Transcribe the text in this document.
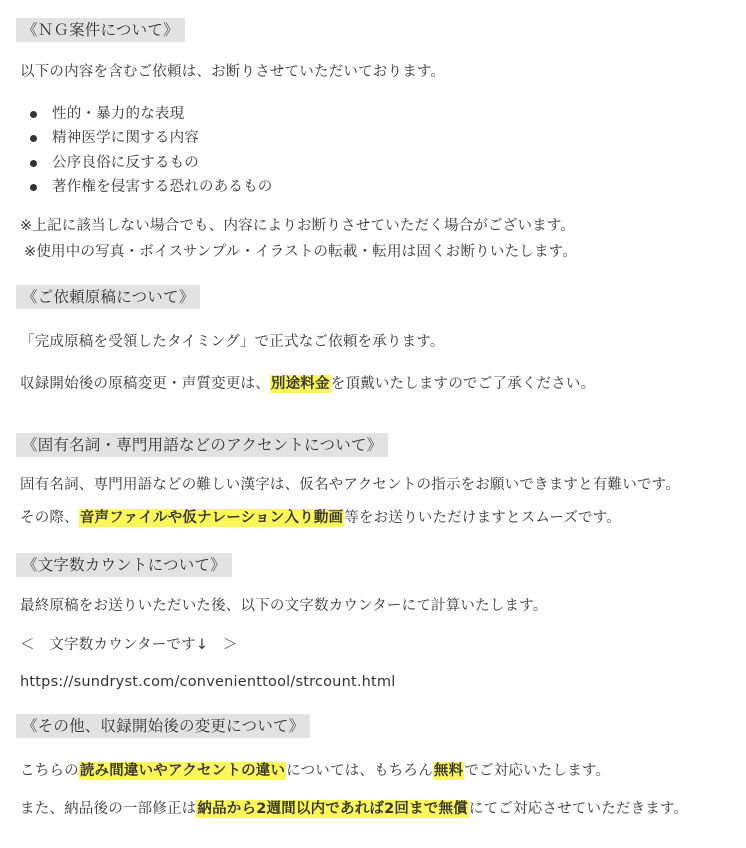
《ＮＧ案件について》
以下の内容を含むご依頼は、お断りさせていただいております。
性的・暴力的な表現
精神医学に関する内容
公序良俗に反するもの
著作権を侵害する恐れのあるもの
※上記に該当しない場合でも、内容によりお断りさせていただく場合がございます。
※使用中の写真・ボイスサンプル・イラストの転載・転用は固くお断りいたします。
《ご依頼原稿について》
「完成原稿を受領したタイミング」で正式なご依頼を承ります。
収録開始後の原稿変更・声質変更は、別途料金を頂戴いたしますのでご了承ください。
《固有名詞・専門用語などのアクセントについて》
固有名詞、専門用語などの難しい漢字は、仮名やアクセントの指示をお願いできますと有難いです。
その際、音声ファイルや仮ナレーション入り動画等をお送りいただけますとスムーズです。
《文字数カウントについて》
最終原稿をお送りいただいた後、以下の文字数カウンターにて計算いたします。
＜　文字数カウンターです↓　＞
https://sundryst.com/convenienttool/strcount.html
《その他、収録開始後の変更について》
こちらの読み間違いやアクセントの違いについては、もちろん無料でご対応いたします。
また、納品後の一部修正は納品から2週間以内であれば2回まで無償にてご対応させていただきます。
